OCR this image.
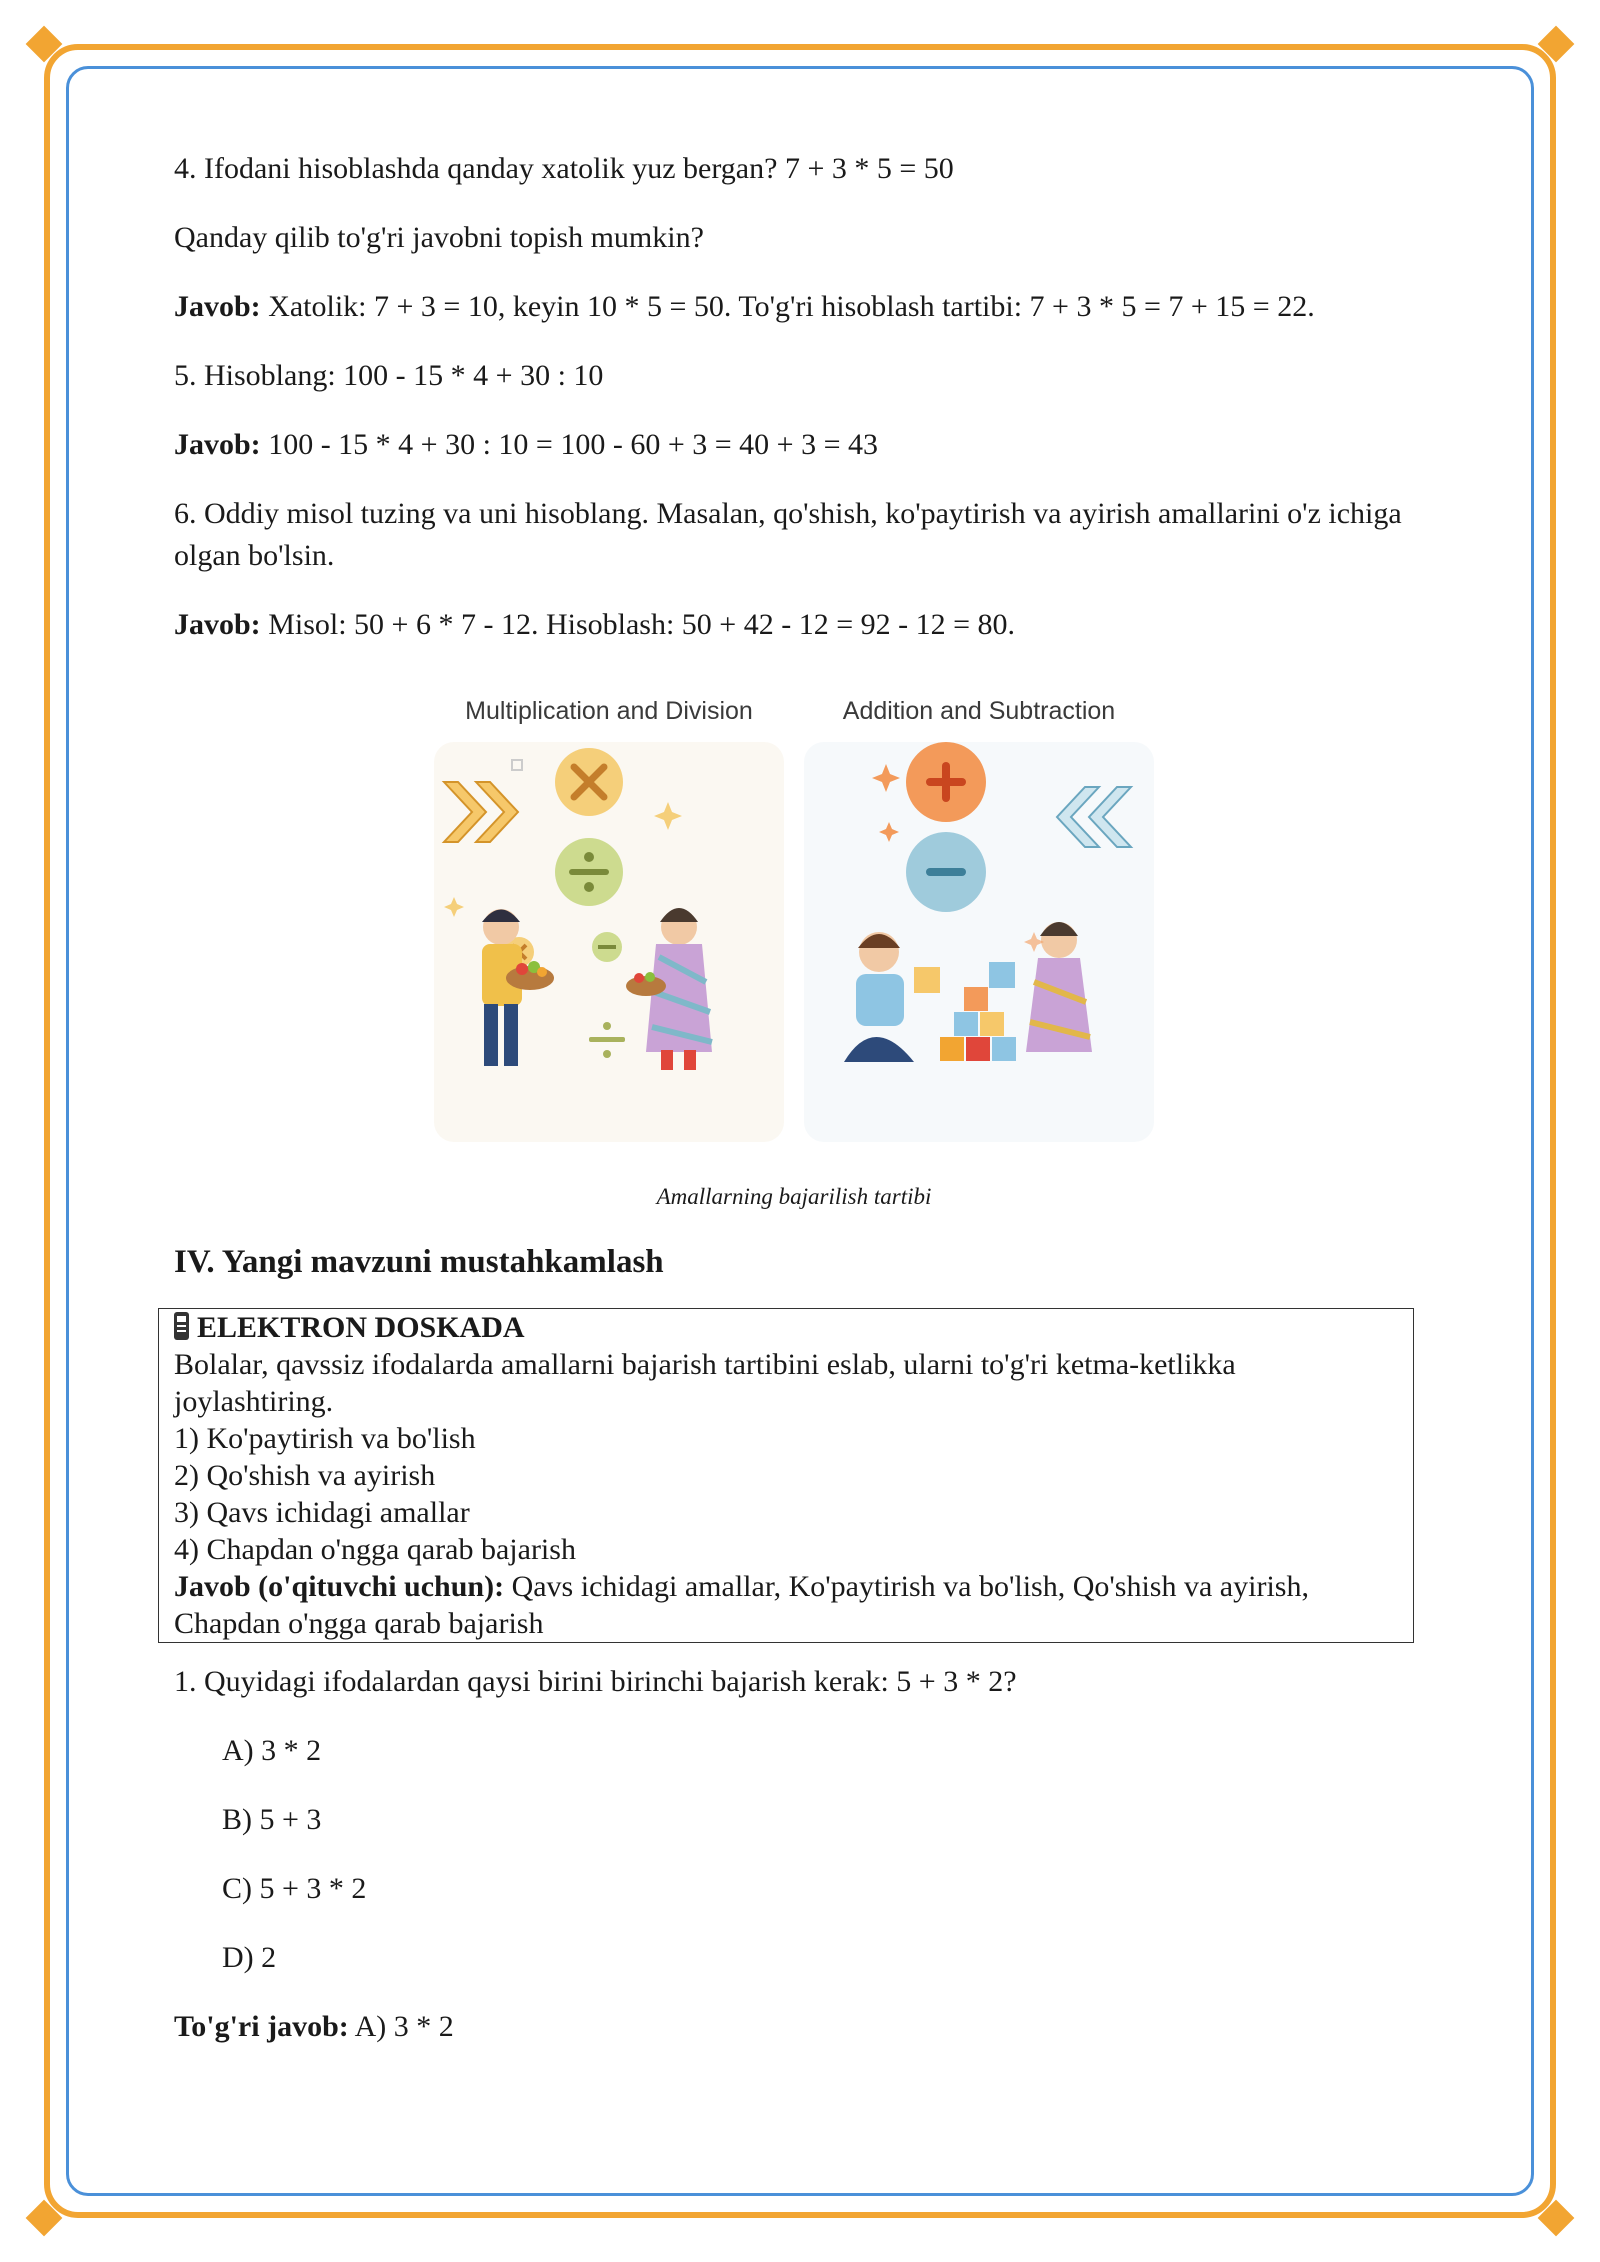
4. Ifodani hisoblashda qanday xatolik yuz bergan? 7 + 3 * 5 = 50

Qanday qilib to'g'ri javobni topish mumkin?

Javob: Xatolik: 7 + 3 = 10, keyin 10 * 5 = 50. To'g'ri hisoblash tartibi: 7 + 3 * 5 = 7 + 15 = 22.

5. Hisoblang: 100 - 15 * 4 + 30 : 10

Javob: 100 - 15 * 4 + 30 : 10 = 100 - 60 + 3 = 40 + 3 = 43

6. Oddiy misol tuzing va uni hisoblang. Masalan, qo'shish, ko'paytirish va ayirish amallarini o'z ichiga olgan bo'lsin.

Javob: Misol: 50 + 6 * 7 - 12. Hisoblash: 50 + 42 - 12 = 92 - 12 = 80.

Multiplication and Division	Addition and Subtraction
Amallarning bajarilish tartibi
IV. Yangi mavzuni mustahkamlash
ELEKTRON DOSKADA
Bolalar, qavssiz ifodalarda amallarni bajarish tartibini eslab, ularni to'g'ri ketma-ketlikka joylashtiring.
1) Ko'paytirish va bo'lish
2) Qo'shish va ayirish
3) Qavs ichidagi amallar
4) Chapdan o'ngga qarab bajarish
Javob (o'qituvchi uchun): Qavs ichidagi amallar, Ko'paytirish va bo'lish, Qo'shish va ayirish, Chapdan o'ngga qarab bajarish

1. Quyidagi ifodalardan qaysi birini birinchi bajarish kerak: 5 + 3 * 2?

A) 3 * 2

B) 5 + 3

C) 5 + 3 * 2

D) 2

To'g'ri javob: A) 3 * 2
